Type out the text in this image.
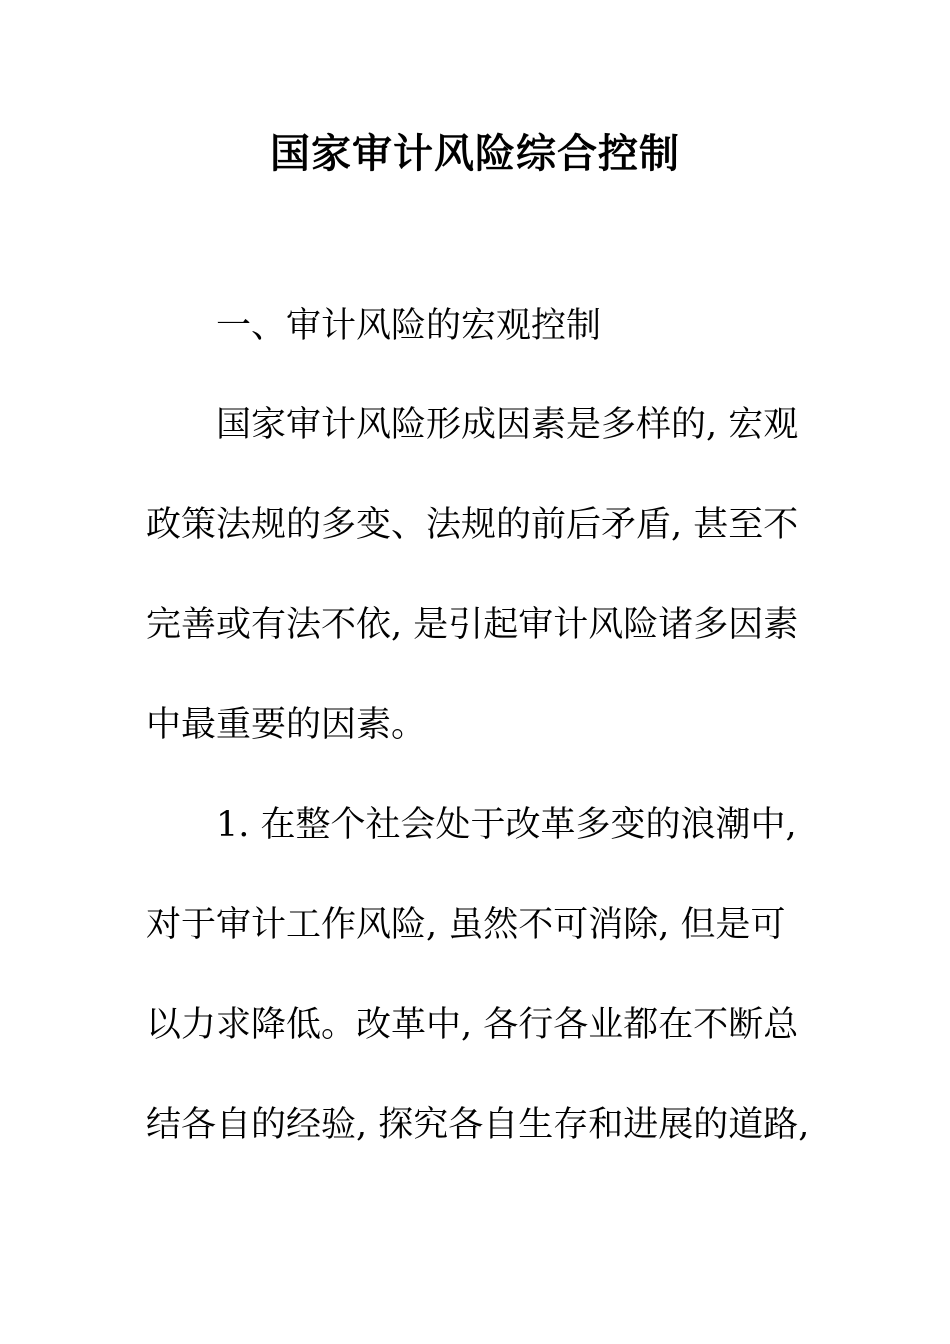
国家审计风险综合控制

一、审计风险的宏观控制

国家审计风险形成因素是多样的, 宏观

政策法规的多变、法规的前后矛盾, 甚至不

完善或有法不依, 是引起审计风险诸多因素

中最重要的因素。

1. 在整个社会处于改革多变的浪潮中,

对于审计工作风险, 虽然不可消除, 但是可

以力求降低。改革中, 各行各业都在不断总

结各自的经验, 探究各自生存和进展的道路,
